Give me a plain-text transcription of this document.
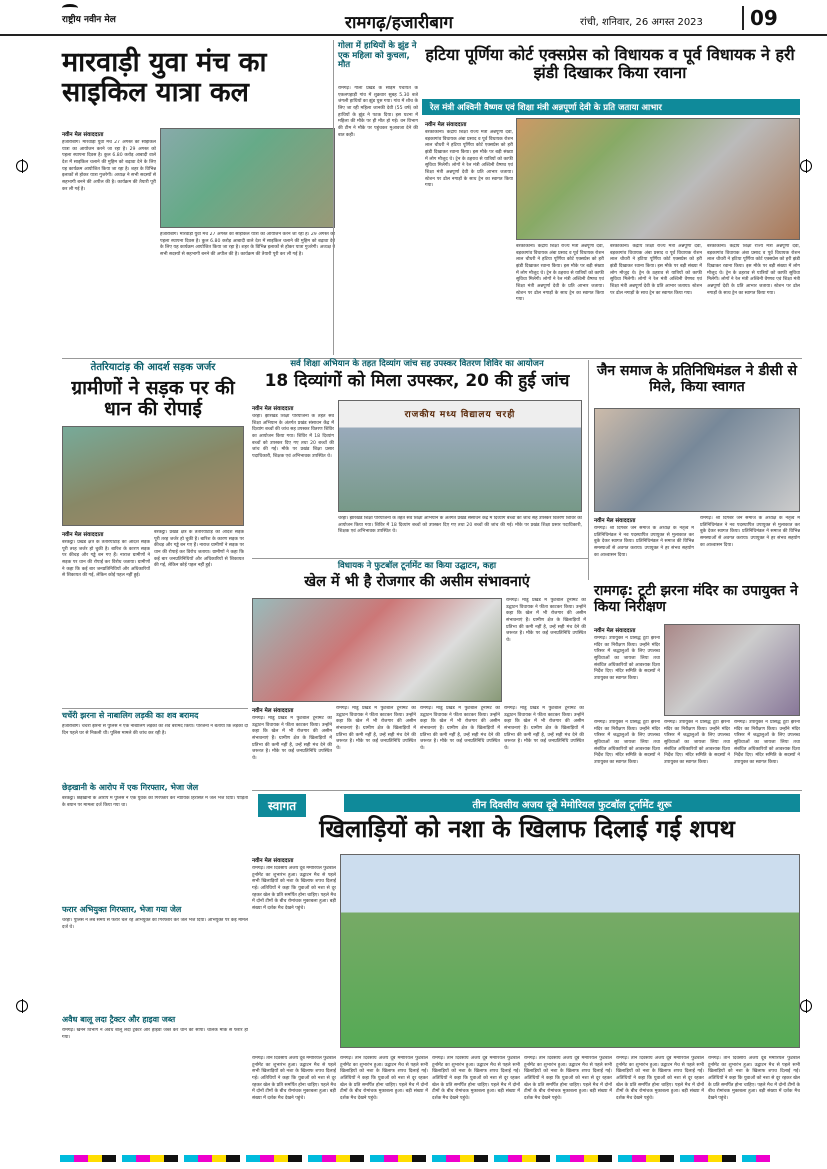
राष्ट्रीय नवीन मेल	रामगढ़/हजारीबाग	रांची, शनिवार, 26 अगस्त 2023	09
मारवाड़ी युवा मंच का साइकिल यात्रा कल
नवीन मेल संवाददाता
हजारीबाग। मारवाड़ी युवा मंच 27 अगस्त को साइकिल यात्रा का आयोजन करने जा रहा है। 29 अगस्त को पहला स्थापना दिवस है। कुल 6.80 करोड़ आबादी वाले देश में साइकिल चलाने की मुहिम को बढ़ावा देने के लिए यह कार्यक्रम आयोजित किया जा रहा है। शहर के विभिन्न इलाकों से होकर यात्रा गुजरेगी। अध्यक्ष ने सभी सदस्यों से सहभागी बनने की अपील की है। कार्यक्रम की तैयारी पूरी कर ली गई है।
हजारीबाग। मारवाड़ी युवा मंच 27 अगस्त को साइकिल यात्रा का आयोजन करने जा रहा है। 29 अगस्त को पहला स्थापना दिवस है। कुल 6.80 करोड़ आबादी वाले देश में साइकिल चलाने की मुहिम को बढ़ावा देने के लिए यह कार्यक्रम आयोजित किया जा रहा है। शहर के विभिन्न इलाकों से होकर यात्रा गुजरेगी। अध्यक्ष ने सभी सदस्यों से सहभागी बनने की अपील की है। कार्यक्रम की तैयारी पूरी कर ली गई है।
गोला में हाथियों के झुंड ने एक महिला को कुचला, मौत
रामगढ़। गोला प्रखंड के साड़म पंचायत के एकलपहाड़ी गांव में शुक्रवार सुबह 5.30 बजे जंगली हाथियों का झुंड घुस गया। गांव में शौच के लिए जा रही महिला जानकी देवी (55 वर्ष) को हाथियों के झुंड ने पटक दिया। इस घटना में महिला की मौके पर ही मौत हो गई। वन विभाग की टीम ने मौके पर पहुंचकर मुआवजा देने की बात कही।
हटिया पूर्णिया कोर्ट एक्सप्रेस को विधायक व पूर्व विधायक ने हरी झंडी दिखाकर किया रवाना
रेल मंत्री अश्विनी वैष्णव एवं शिक्षा मंत्री अन्नपूर्णा देवी के प्रति जताया आभार
नवीन मेल संवाददाता
बरकाकाना। केंद्रीय शिक्षा राज्य मंत्री अन्नपूर्णा देवी, बड़कागांव विधायक अंबा प्रसाद व पूर्व विधायक रोशन लाल चौधरी ने हटिया पूर्णिया कोर्ट एक्सप्रेस को हरी झंडी दिखाकर रवाना किया। इस मौके पर बड़ी संख्या में लोग मौजूद थे। ट्रेन के ठहराव से यात्रियों को काफी सुविधा मिलेगी। लोगों ने रेल मंत्री अश्विनी वैष्णव एवं शिक्षा मंत्री अन्नपूर्णा देवी के प्रति आभार जताया। स्टेशन पर ढोल नगाड़ों के साथ ट्रेन का स्वागत किया गया।
बरकाकाना। केंद्रीय शिक्षा राज्य मंत्री अन्नपूर्णा देवी, बड़कागांव विधायक अंबा प्रसाद व पूर्व विधायक रोशन लाल चौधरी ने हटिया पूर्णिया कोर्ट एक्सप्रेस को हरी झंडी दिखाकर रवाना किया। इस मौके पर बड़ी संख्या में लोग मौजूद थे। ट्रेन के ठहराव से यात्रियों को काफी सुविधा मिलेगी। लोगों ने रेल मंत्री अश्विनी वैष्णव एवं शिक्षा मंत्री अन्नपूर्णा देवी के प्रति आभार जताया। स्टेशन पर ढोल नगाड़ों के साथ ट्रेन का स्वागत किया गया।
बरकाकाना। केंद्रीय शिक्षा राज्य मंत्री अन्नपूर्णा देवी, बड़कागांव विधायक अंबा प्रसाद व पूर्व विधायक रोशन लाल चौधरी ने हटिया पूर्णिया कोर्ट एक्सप्रेस को हरी झंडी दिखाकर रवाना किया। इस मौके पर बड़ी संख्या में लोग मौजूद थे। ट्रेन के ठहराव से यात्रियों को काफी सुविधा मिलेगी। लोगों ने रेल मंत्री अश्विनी वैष्णव एवं शिक्षा मंत्री अन्नपूर्णा देवी के प्रति आभार जताया। स्टेशन पर ढोल नगाड़ों के साथ ट्रेन का स्वागत किया गया।
बरकाकाना। केंद्रीय शिक्षा राज्य मंत्री अन्नपूर्णा देवी, बड़कागांव विधायक अंबा प्रसाद व पूर्व विधायक रोशन लाल चौधरी ने हटिया पूर्णिया कोर्ट एक्सप्रेस को हरी झंडी दिखाकर रवाना किया। इस मौके पर बड़ी संख्या में लोग मौजूद थे। ट्रेन के ठहराव से यात्रियों को काफी सुविधा मिलेगी। लोगों ने रेल मंत्री अश्विनी वैष्णव एवं शिक्षा मंत्री अन्नपूर्णा देवी के प्रति आभार जताया। स्टेशन पर ढोल नगाड़ों के साथ ट्रेन का स्वागत किया गया।
तेतरियाटांड़ की आदर्श सड़क जर्जर
ग्रामीणों ने सड़क पर की धान की रोपाई
नवीन मेल संवाददाता
बरकट्ठा। प्रखंड क्षेत्र के तेतरियाटांड़ की आदर्श सड़क पूरी तरह जर्जर हो चुकी है। बारिश के कारण सड़क पर कीचड़ और गड्ढे बन गए हैं। नाराज ग्रामीणों ने सड़क पर धान की रोपाई कर विरोध जताया। ग्रामीणों ने कहा कि कई बार जनप्रतिनिधियों और अधिकारियों से शिकायत की गई, लेकिन कोई पहल नहीं हुई।
बरकट्ठा। प्रखंड क्षेत्र के तेतरियाटांड़ की आदर्श सड़क पूरी तरह जर्जर हो चुकी है। बारिश के कारण सड़क पर कीचड़ और गड्ढे बन गए हैं। नाराज ग्रामीणों ने सड़क पर धान की रोपाई कर विरोध जताया। ग्रामीणों ने कहा कि कई बार जनप्रतिनिधियों और अधिकारियों से शिकायत की गई, लेकिन कोई पहल नहीं हुई।
सर्व शिक्षा अभियान के तहत दिव्यांग जांच सह उपस्कर वितरण शिविर का आयोजन
18 दिव्यांगों को मिला उपस्कर, 20 की हुई जांच
नवीन मेल संवाददाता
चरही। झारखंड शिक्षा परियोजना के तहत सर्व शिक्षा अभियान के अंतर्गत प्रखंड संसाधन केंद्र में दिव्यांग बच्चों की जांच सह उपस्कर वितरण शिविर का आयोजन किया गया। शिविर में 18 दिव्यांग बच्चों को उपस्कर दिए गए तथा 20 बच्चों की जांच की गई। मौके पर प्रखंड शिक्षा प्रसार पदाधिकारी, शिक्षक एवं अभिभावक उपस्थित थे।
राजकीय मध्य विद्यालय चरही
चरही। झारखंड शिक्षा परियोजना के तहत सर्व शिक्षा अभियान के अंतर्गत प्रखंड संसाधन केंद्र में दिव्यांग बच्चों की जांच सह उपस्कर वितरण शिविर का आयोजन किया गया। शिविर में 18 दिव्यांग बच्चों को उपस्कर दिए गए तथा 20 बच्चों की जांच की गई। मौके पर प्रखंड शिक्षा प्रसार पदाधिकारी, शिक्षक एवं अभिभावक उपस्थित थे।
जैन समाज के प्रतिनिधिमंडल ने डीसी से मिले, किया स्वागत
नवीन मेल संवाददाता
रामगढ़। श्री दिगंबर जैन समाज के अध्यक्ष के नेतृत्व में प्रतिनिधिमंडल ने नव पदस्थापित उपायुक्त से मुलाकात कर बुके देकर स्वागत किया। प्रतिनिधिमंडल ने समाज की विभिन्न समस्याओं से अवगत कराया। उपायुक्त ने हर संभव सहयोग का आश्वासन दिया।
रामगढ़। श्री दिगंबर जैन समाज के अध्यक्ष के नेतृत्व में प्रतिनिधिमंडल ने नव पदस्थापित उपायुक्त से मुलाकात कर बुके देकर स्वागत किया। प्रतिनिधिमंडल ने समाज की विभिन्न समस्याओं से अवगत कराया। उपायुक्त ने हर संभव सहयोग का आश्वासन दिया।
विधायक ने फुटबॉल टूर्नामेंट का किया उद्घाटन, कहा
खेल में भी है रोजगार की असीम संभावनाएं
रामगढ़। मांडू प्रखंड में फुटबॉल टूर्नामेंट का उद्घाटन विधायक ने फीता काटकर किया। उन्होंने कहा कि खेल में भी रोजगार की असीम संभावनाएं हैं। ग्रामीण क्षेत्र के खिलाड़ियों में प्रतिभा की कमी नहीं है, उन्हें सही मंच देने की जरूरत है। मौके पर कई जनप्रतिनिधि उपस्थित थे।
नवीन मेल संवाददाता
रामगढ़। मांडू प्रखंड में फुटबॉल टूर्नामेंट का उद्घाटन विधायक ने फीता काटकर किया। उन्होंने कहा कि खेल में भी रोजगार की असीम संभावनाएं हैं। ग्रामीण क्षेत्र के खिलाड़ियों में प्रतिभा की कमी नहीं है, उन्हें सही मंच देने की जरूरत है। मौके पर कई जनप्रतिनिधि उपस्थित थे।
रामगढ़। मांडू प्रखंड में फुटबॉल टूर्नामेंट का उद्घाटन विधायक ने फीता काटकर किया। उन्होंने कहा कि खेल में भी रोजगार की असीम संभावनाएं हैं। ग्रामीण क्षेत्र के खिलाड़ियों में प्रतिभा की कमी नहीं है, उन्हें सही मंच देने की जरूरत है। मौके पर कई जनप्रतिनिधि उपस्थित थे।
रामगढ़। मांडू प्रखंड में फुटबॉल टूर्नामेंट का उद्घाटन विधायक ने फीता काटकर किया। उन्होंने कहा कि खेल में भी रोजगार की असीम संभावनाएं हैं। ग्रामीण क्षेत्र के खिलाड़ियों में प्रतिभा की कमी नहीं है, उन्हें सही मंच देने की जरूरत है। मौके पर कई जनप्रतिनिधि उपस्थित थे।
रामगढ़। मांडू प्रखंड में फुटबॉल टूर्नामेंट का उद्घाटन विधायक ने फीता काटकर किया। उन्होंने कहा कि खेल में भी रोजगार की असीम संभावनाएं हैं। ग्रामीण क्षेत्र के खिलाड़ियों में प्रतिभा की कमी नहीं है, उन्हें सही मंच देने की जरूरत है। मौके पर कई जनप्रतिनिधि उपस्थित थे।
रामगढ़: टूटी झरना मंदिर का उपायुक्त ने किया निरीक्षण
नवीन मेल संवाददाता
रामगढ़। उपायुक्त ने प्रसिद्ध टूटी झरना मंदिर का निरीक्षण किया। उन्होंने मंदिर परिसर में श्रद्धालुओं के लिए उपलब्ध सुविधाओं का जायजा लिया तथा संबंधित अधिकारियों को आवश्यक दिशा निर्देश दिए। मंदिर समिति के सदस्यों ने उपायुक्त का स्वागत किया।
रामगढ़। उपायुक्त ने प्रसिद्ध टूटी झरना मंदिर का निरीक्षण किया। उन्होंने मंदिर परिसर में श्रद्धालुओं के लिए उपलब्ध सुविधाओं का जायजा लिया तथा संबंधित अधिकारियों को आवश्यक दिशा निर्देश दिए। मंदिर समिति के सदस्यों ने उपायुक्त का स्वागत किया।
रामगढ़। उपायुक्त ने प्रसिद्ध टूटी झरना मंदिर का निरीक्षण किया। उन्होंने मंदिर परिसर में श्रद्धालुओं के लिए उपलब्ध सुविधाओं का जायजा लिया तथा संबंधित अधिकारियों को आवश्यक दिशा निर्देश दिए। मंदिर समिति के सदस्यों ने उपायुक्त का स्वागत किया।
रामगढ़। उपायुक्त ने प्रसिद्ध टूटी झरना मंदिर का निरीक्षण किया। उन्होंने मंदिर परिसर में श्रद्धालुओं के लिए उपलब्ध सुविधाओं का जायजा लिया तथा संबंधित अधिकारियों को आवश्यक दिशा निर्देश दिए। मंदिर समिति के सदस्यों ने उपायुक्त का स्वागत किया।
चर्चेरी झरना से नाबालिग लड़की का शव बरामद
हजारीबाग। चर्चेरी झरना से पुलिस ने एक नाबालिग लड़की का शव बरामद किया। परिजनों ने बताया कि लड़की दो दिन पहले घर से निकली थी। पुलिस मामले की जांच कर रही है।
छेड़खानी के आरोप में एक गिरफ्तार, भेजा जेल
बरकट्ठा। छेड़खानी के आरोप में पुलिस ने एक युवक को गिरफ्तार कर न्यायिक हिरासत में जेल भेज दिया। पीड़िता के बयान पर मामला दर्ज किया गया था।
फरार अभियुक्त गिरफ्तार, भेजा गया जेल
चरही। पुलिस ने लंबे समय से फरार चल रहे अभियुक्त को गिरफ्तार कर जेल भेज दिया। अभियुक्त पर कई मामले दर्ज थे।
अवैध बालू लदा ट्रैक्टर और हाइवा जब्त
रामगढ़। खनन विभाग ने अवैध बालू लदा ट्रैक्टर और हाइवा जब्त कर थाने को सौंपा। चालक मौके से फरार हो गया।
स्वागत	तीन दिवसीय अजय दूबे मेमोरियल फुटबॉल टूर्नामेंट शुरू
खिलाड़ियों को नशा के खिलाफ दिलाई गई शपथ
नवीन मेल संवाददाता
रामगढ़। तीन दिवसीय अजय दूबे मेमोरियल फुटबॉल टूर्नामेंट का शुभारंभ हुआ। उद्घाटन मैच से पहले सभी खिलाड़ियों को नशा के खिलाफ शपथ दिलाई गई। अतिथियों ने कहा कि युवाओं को नशा से दूर रहकर खेल के प्रति समर्पित होना चाहिए। पहले मैच में दोनों टीमों के बीच रोमांचक मुकाबला हुआ। बड़ी संख्या में दर्शक मैच देखने पहुंचे।
रामगढ़। तीन दिवसीय अजय दूबे मेमोरियल फुटबॉल टूर्नामेंट का शुभारंभ हुआ। उद्घाटन मैच से पहले सभी खिलाड़ियों को नशा के खिलाफ शपथ दिलाई गई। अतिथियों ने कहा कि युवाओं को नशा से दूर रहकर खेल के प्रति समर्पित होना चाहिए। पहले मैच में दोनों टीमों के बीच रोमांचक मुकाबला हुआ। बड़ी संख्या में दर्शक मैच देखने पहुंचे।
रामगढ़। तीन दिवसीय अजय दूबे मेमोरियल फुटबॉल टूर्नामेंट का शुभारंभ हुआ। उद्घाटन मैच से पहले सभी खिलाड़ियों को नशा के खिलाफ शपथ दिलाई गई। अतिथियों ने कहा कि युवाओं को नशा से दूर रहकर खेल के प्रति समर्पित होना चाहिए। पहले मैच में दोनों टीमों के बीच रोमांचक मुकाबला हुआ। बड़ी संख्या में दर्शक मैच देखने पहुंचे।
रामगढ़। तीन दिवसीय अजय दूबे मेमोरियल फुटबॉल टूर्नामेंट का शुभारंभ हुआ। उद्घाटन मैच से पहले सभी खिलाड़ियों को नशा के खिलाफ शपथ दिलाई गई। अतिथियों ने कहा कि युवाओं को नशा से दूर रहकर खेल के प्रति समर्पित होना चाहिए। पहले मैच में दोनों टीमों के बीच रोमांचक मुकाबला हुआ। बड़ी संख्या में दर्शक मैच देखने पहुंचे।
रामगढ़। तीन दिवसीय अजय दूबे मेमोरियल फुटबॉल टूर्नामेंट का शुभारंभ हुआ। उद्घाटन मैच से पहले सभी खिलाड़ियों को नशा के खिलाफ शपथ दिलाई गई। अतिथियों ने कहा कि युवाओं को नशा से दूर रहकर खेल के प्रति समर्पित होना चाहिए। पहले मैच में दोनों टीमों के बीच रोमांचक मुकाबला हुआ। बड़ी संख्या में दर्शक मैच देखने पहुंचे।
रामगढ़। तीन दिवसीय अजय दूबे मेमोरियल फुटबॉल टूर्नामेंट का शुभारंभ हुआ। उद्घाटन मैच से पहले सभी खिलाड़ियों को नशा के खिलाफ शपथ दिलाई गई। अतिथियों ने कहा कि युवाओं को नशा से दूर रहकर खेल के प्रति समर्पित होना चाहिए। पहले मैच में दोनों टीमों के बीच रोमांचक मुकाबला हुआ। बड़ी संख्या में दर्शक मैच देखने पहुंचे।
रामगढ़। तीन दिवसीय अजय दूबे मेमोरियल फुटबॉल टूर्नामेंट का शुभारंभ हुआ। उद्घाटन मैच से पहले सभी खिलाड़ियों को नशा के खिलाफ शपथ दिलाई गई। अतिथियों ने कहा कि युवाओं को नशा से दूर रहकर खेल के प्रति समर्पित होना चाहिए। पहले मैच में दोनों टीमों के बीच रोमांचक मुकाबला हुआ। बड़ी संख्या में दर्शक मैच देखने पहुंचे।
